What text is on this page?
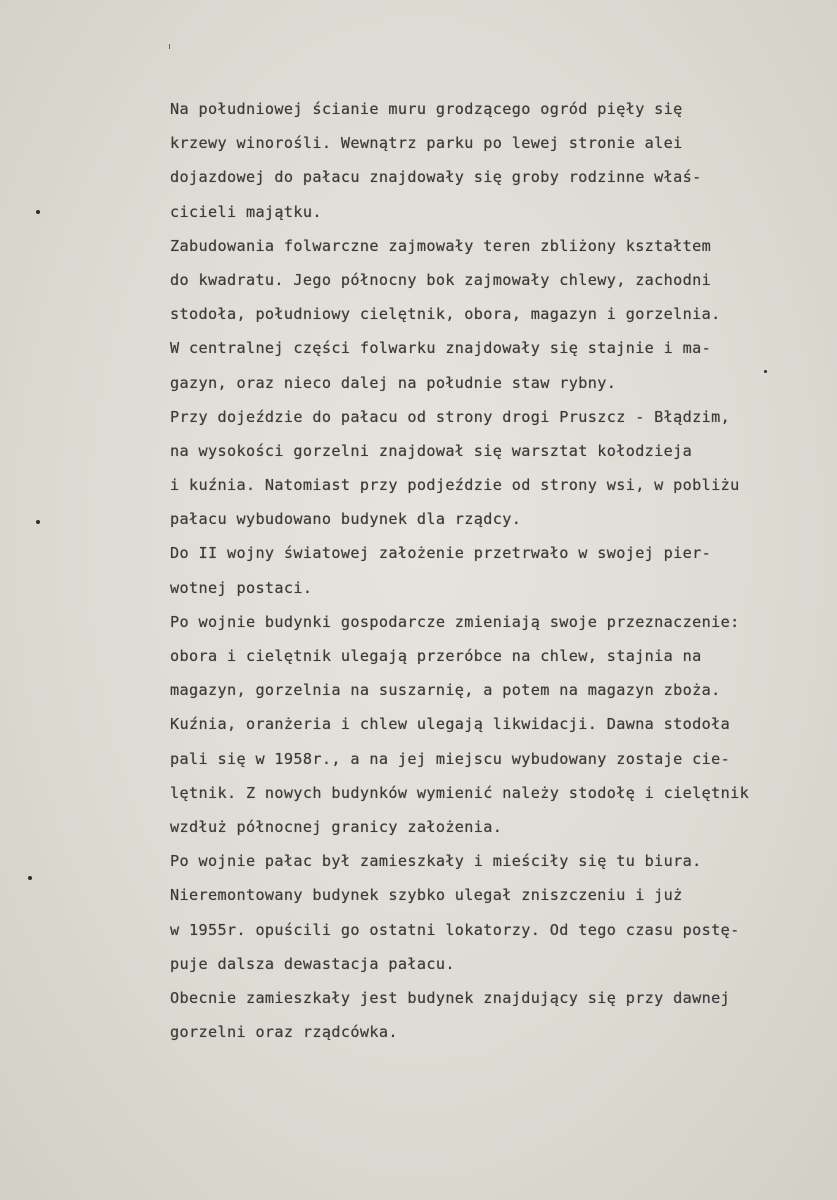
Na południowej ścianie muru grodzącego ogród pięły się
krzewy winorośli. Wewnątrz parku po lewej stronie alei
dojazdowej do pałacu znajdowały się groby rodzinne właś-
cicieli majątku.
Zabudowania folwarczne zajmowały teren zbliżony kształtem
do kwadratu. Jego północny bok zajmowały chlewy, zachodni
stodoła, południowy cielętnik, obora, magazyn i gorzelnia.
W centralnej części folwarku znajdowały się stajnie i ma-
gazyn, oraz nieco dalej na południe staw rybny.
Przy dojeździe do pałacu od strony drogi Pruszcz - Błądzim,
na wysokości gorzelni znajdował się warsztat kołodzieja
i kuźnia. Natomiast przy podjeździe od strony wsi, w pobliżu
pałacu wybudowano budynek dla rządcy.
Do II wojny światowej założenie przetrwało w swojej pier-
wotnej postaci.
Po wojnie budynki gospodarcze zmieniają swoje przeznaczenie:
obora i cielętnik ulegają przeróbce na chlew, stajnia na
magazyn, gorzelnia na suszarnię, a potem na magazyn zboża.
Kuźnia, oranżeria i chlew ulegają likwidacji. Dawna stodoła
pali się w 1958r., a na jej miejscu wybudowany zostaje cie-
lętnik. Z nowych budynków wymienić należy stodołę i cielętnik
wzdłuż północnej granicy założenia.
Po wojnie pałac był zamieszkały i mieściły się tu biura.
Nieremontowany budynek szybko ulegał zniszczeniu i już
w 1955r. opuścili go ostatni lokatorzy. Od tego czasu postę-
puje dalsza dewastacja pałacu.
Obecnie zamieszkały jest budynek znajdujący się przy dawnej
gorzelni oraz rządcówka.
